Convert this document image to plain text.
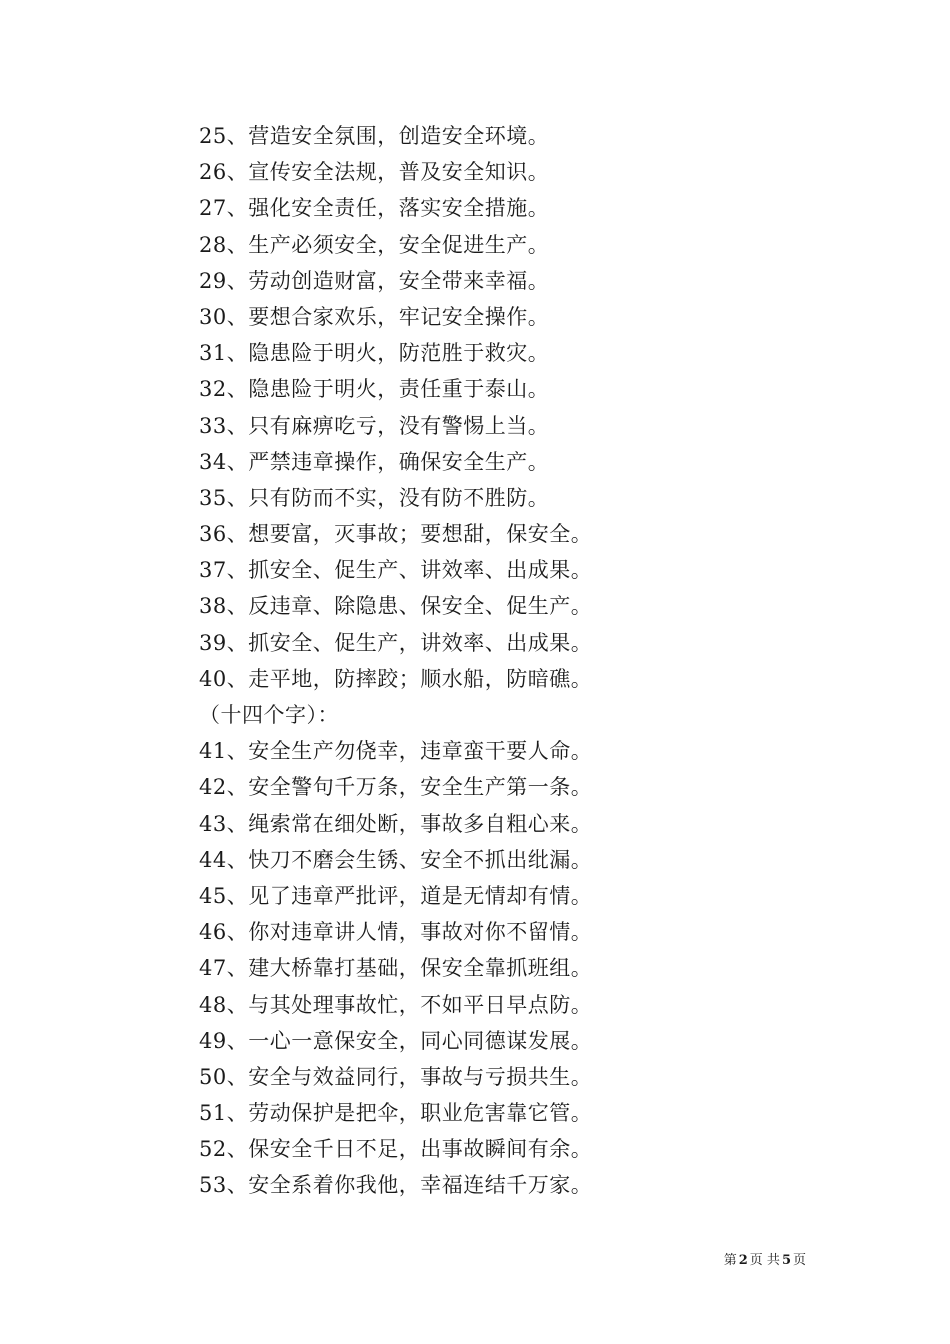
25、营造安全氛围，创造安全环境。
26、宣传安全法规，普及安全知识。
27、强化安全责任，落实安全措施。
28、生产必须安全，安全促进生产。
29、劳动创造财富，安全带来幸福。
30、要想合家欢乐，牢记安全操作。
31、隐患险于明火，防范胜于救灾。
32、隐患险于明火，责任重于泰山。
33、只有麻痹吃亏，没有警惕上当。
34、严禁违章操作，确保安全生产。
35、只有防而不实，没有防不胜防。
36、想要富，灭事故；要想甜，保安全。
37、抓安全、促生产、讲效率、出成果。
38、反违章、除隐患、保安全、促生产。
39、抓安全、促生产，讲效率、出成果。
40、走平地，防摔跤；顺水船，防暗礁。
（十四个字）：
41、安全生产勿侥幸，违章蛮干要人命。
42、安全警句千万条，安全生产第一条。
43、绳索常在细处断，事故多自粗心来。
44、快刀不磨会生锈、安全不抓出纰漏。
45、见了违章严批评，道是无情却有情。
46、你对违章讲人情，事故对你不留情。
47、建大桥靠打基础，保安全靠抓班组。
48、与其处理事故忙，不如平日早点防。
49、一心一意保安全，同心同德谋发展。
50、安全与效益同行，事故与亏损共生。
51、劳动保护是把伞，职业危害靠它管。
52、保安全千日不足，出事故瞬间有余。
53、安全系着你我他，幸福连结千万家。
第 2 页 共 5 页
